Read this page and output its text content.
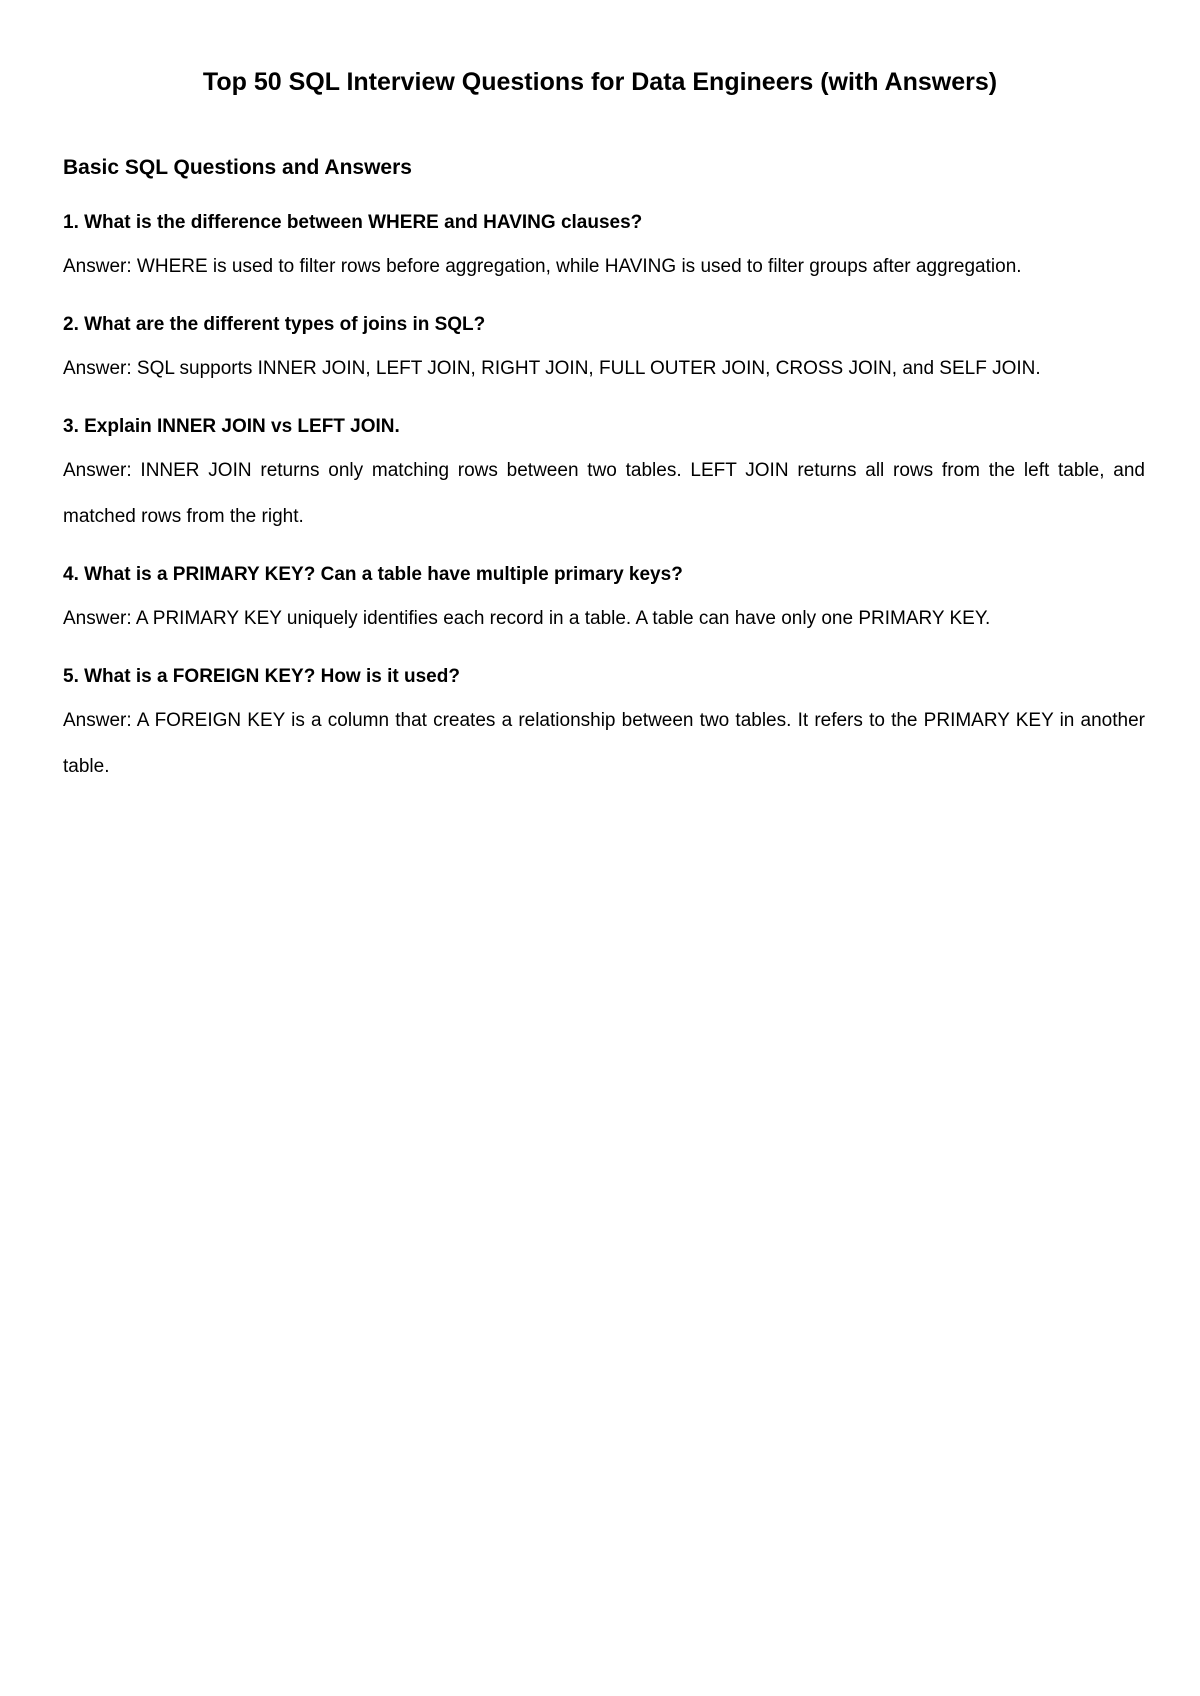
Top 50 SQL Interview Questions for Data Engineers (with Answers)
Basic SQL Questions and Answers

1. What is the difference between WHERE and HAVING clauses?

Answer: WHERE is used to filter rows before aggregation, while HAVING is used to filter groups after aggregation.

2. What are the different types of joins in SQL?

Answer: SQL supports INNER JOIN, LEFT JOIN, RIGHT JOIN, FULL OUTER JOIN, CROSS JOIN, and SELF JOIN.

3. Explain INNER JOIN vs LEFT JOIN.

Answer: INNER JOIN returns only matching rows between two tables. LEFT JOIN returns all rows from the left table, and matched rows from the right.

4. What is a PRIMARY KEY? Can a table have multiple primary keys?

Answer: A PRIMARY KEY uniquely identifies each record in a table. A table can have only one PRIMARY KEY.

5. What is a FOREIGN KEY? How is it used?

Answer: A FOREIGN KEY is a column that creates a relationship between two tables. It refers to the PRIMARY KEY in another table.
